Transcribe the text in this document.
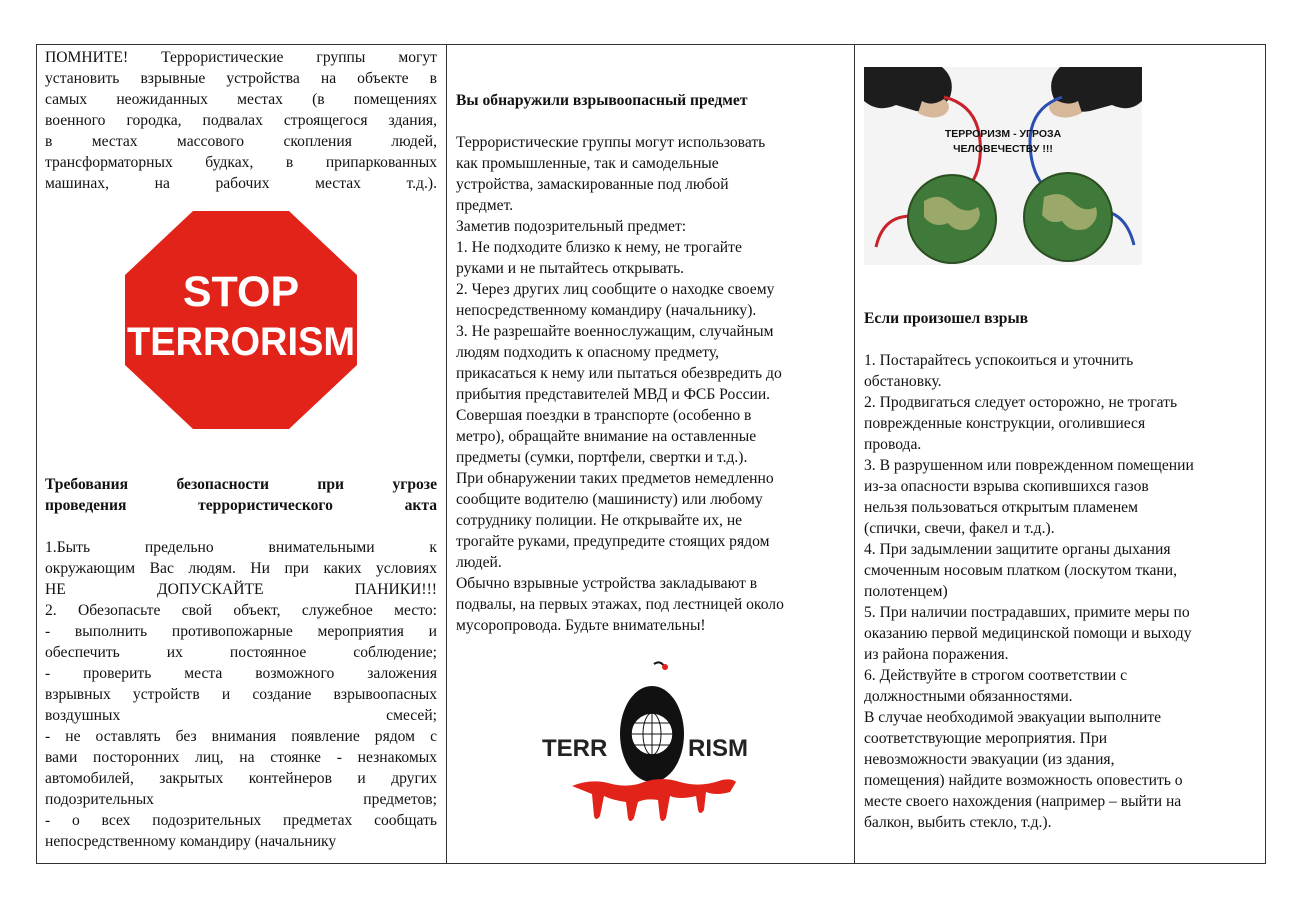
ПОМНИТЕ! Террористические группы могут

установить взрывные устройства на объекте в

самых неожиданных местах (в помещениях

военного городка, подвалах строящегося здания,

в местах массового скопления людей,

трансформаторных будках, в припаркованных

машинах, на рабочих местах т.д.).

STOP
TERRORISM

Требования безопасности при угрозе

проведения террористического акта

1.Быть предельно внимательными к

окружающим Вас людям. Ни при каких условиях

НЕ ДОПУСКАЙТЕ ПАНИКИ!!!

2. Обезопасьте свой объект, служебное место:

- выполнить противопожарные мероприятия и

обеспечить их постоянное соблюдение;

- проверить места возможного заложения

взрывных устройств и создание взрывоопасных

воздушных смесей;

- не оставлять без внимания появление рядом с

вами посторонних лиц, на стоянке - незнакомых

автомобилей, закрытых контейнеров и других

подозрительных предметов;

- о всех подозрительных предметах сообщать

непосредственному командиру (начальнику

Вы обнаружили взрывоопасный предмет

Террористические группы могут использовать

как промышленные, так и самодельные

устройства, замаскированные под любой

предмет.

Заметив подозрительный предмет:

1. Не подходите близко к нему, не трогайте

руками и не пытайтесь открывать.

2. Через других лиц сообщите о находке своему

непосредственному командиру (начальнику).

3. Не разрешайте военнослужащим, случайным

людям подходить к опасному предмету,

прикасаться к нему или пытаться обезвредить до

прибытия представителей МВД и ФСБ России.

Совершая поездки в транспорте (особенно в

метро), обращайте внимание на оставленные

предметы (сумки, портфели, свертки и т.д.).

При обнаружении таких предметов немедленно

сообщите водителю (машинисту) или любому

сотруднику полиции. Не открывайте их, не

трогайте руками, предупредите стоящих рядом

людей.

Обычно взрывные устройства закладывают в

подвалы, на первых этажах, под лестницей около

мусоропровода. Будьте внимательны!

TERR	RISM
ТЕРРОРИЗМ - УГРОЗА
ЧЕЛОВЕЧЕСТВУ !!!

Если произошел взрыв

1. Постарайтесь успокоиться и уточнить

обстановку.

2. Продвигаться следует осторожно, не трогать

поврежденные конструкции, оголившиеся

провода.

3. В разрушенном или поврежденном помещении

из-за опасности взрыва скопившихся газов

нельзя пользоваться открытым пламенем

(спички, свечи, факел и т.д.).

4. При задымлении защитите органы дыхания

смоченным носовым платком (лоскутом ткани,

полотенцем)

5. При наличии пострадавших, примите меры по

оказанию первой медицинской помощи и выходу

из района поражения.

6. Действуйте в строгом соответствии с

должностными обязанностями.

В случае необходимой эвакуации выполните

соответствующие мероприятия. При

невозможности эвакуации (из здания,

помещения) найдите возможность оповестить о

месте своего нахождения (например – выйти на

балкон, выбить стекло, т.д.).
